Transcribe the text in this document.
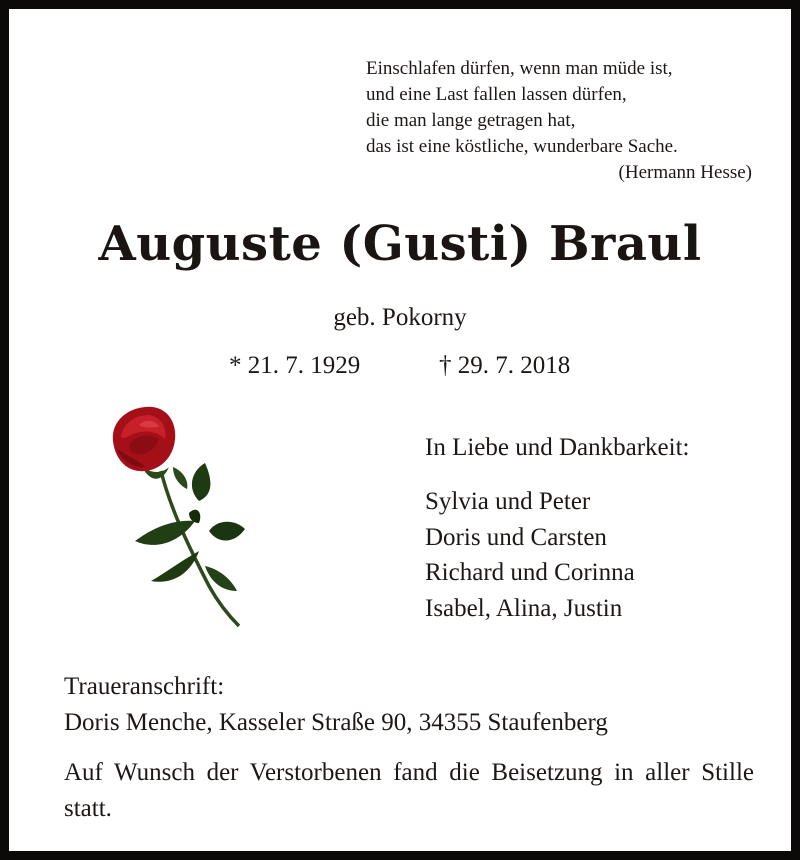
Einschlafen dürfen, wenn man müde ist,
und eine Last fallen lassen dürfen,
die man lange getragen hat,
das ist eine köstliche, wunderbare Sache.
(Hermann Hesse)
Auguste (Gusti) Braul
geb. Pokorny
* 21. 7. 1929	† 29. 7. 2018
In Liebe und Dankbarkeit:
Sylvia und Peter
Doris und Carsten
Richard und Corinna
Isabel, Alina, Justin
Traueranschrift:
Doris Menche, Kasseler Straße 90, 34355 Staufenberg
Auf Wunsch der Verstorbenen fand die Beisetzung in aller Stille statt.
